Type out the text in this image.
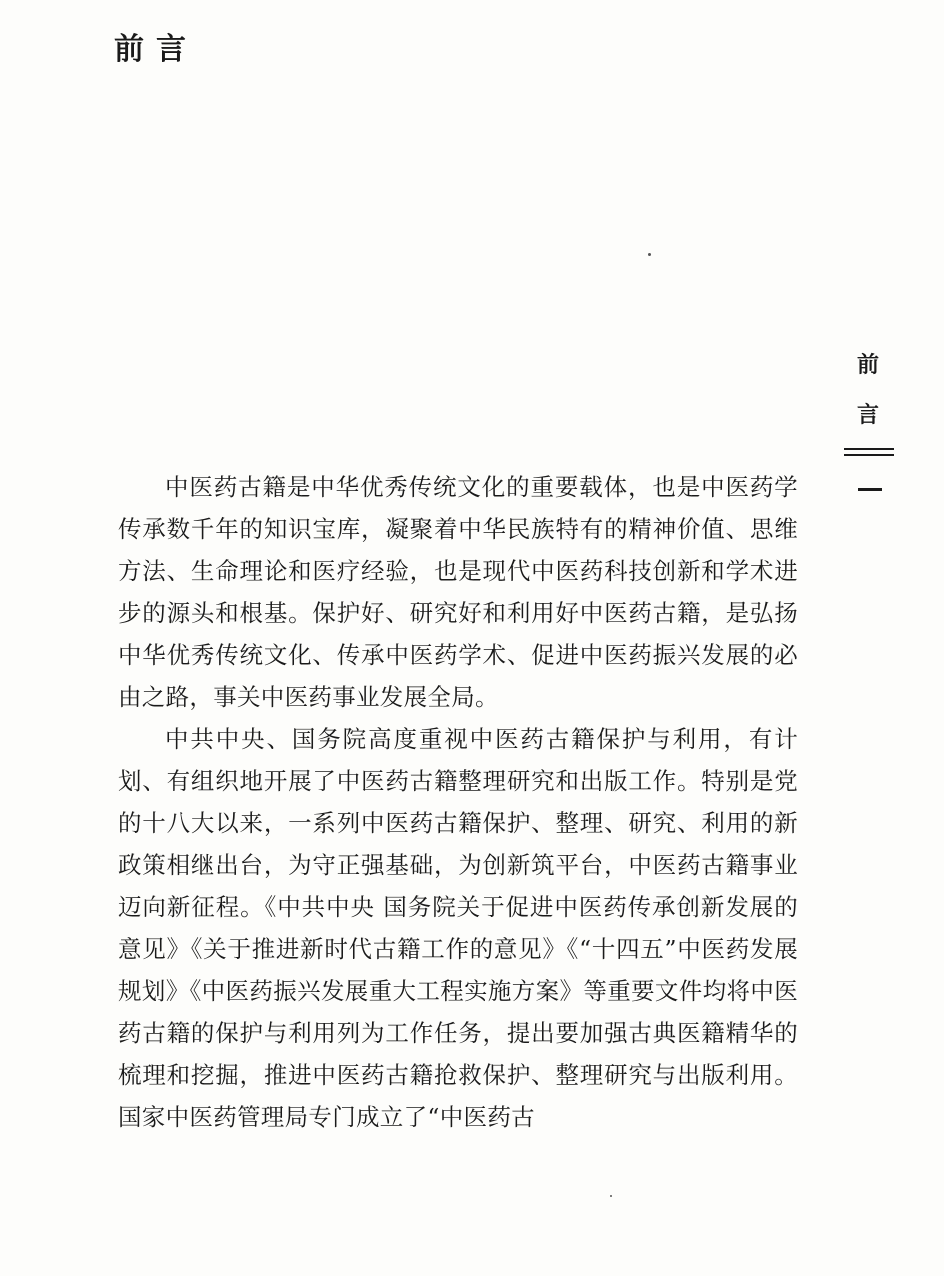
前言
前
言

中医药古籍是中华优秀传统文化的重要载体，也是中医药学传承数千年的知识宝库，凝聚着中华民族特有的精神价值、思维方法、生命理论和医疗经验，也是现代中医药科技创新和学术进步的源头和根基。保护好、研究好和利用好中医药古籍，是弘扬中华优秀传统文化、传承中医药学术、促进中医药振兴发展的必由之路，事关中医药事业发展全局。

中共中央、国务院高度重视中医药古籍保护与利用，有计划、有组织地开展了中医药古籍整理研究和出版工作。特别是党的十八大以来，一系列中医药古籍保护、整理、研究、利用的新政策相继出台，为守正强基础，为创新筑平台，中医药古籍事业迈向新征程。《中共中央 国务院关于促进中医药传承创新发展的意见》《关于推进新时代古籍工作的意见》《“十四五”中医药发展规划》《中医药振兴发展重大工程实施方案》等重要文件均将中医药古籍的保护与利用列为工作任务，提出要加强古典医籍精华的梳理和挖掘，推进中医药古籍抢救保护、整理研究与出版利用。国家中医药管理局专门成立了“中医药古
